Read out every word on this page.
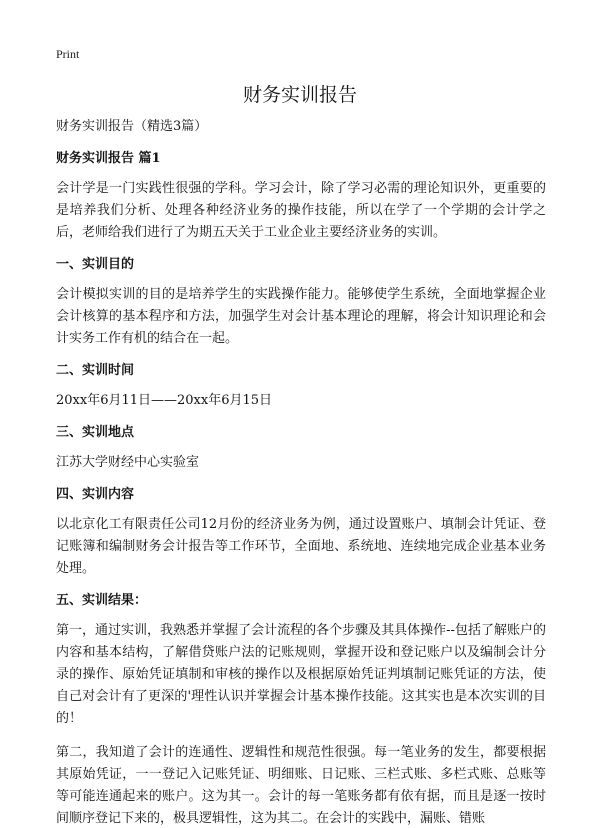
Print
财务实训报告
财务实训报告（精选3篇）
财务实训报告 篇1
会计学是一门实践性很强的学科。学习会计，除了学习必需的理论知识外，更重要的是培养我们分析、处理各种经济业务的操作技能，所以在学了一个学期的会计学之后，老师给我们进行了为期五天关于工业企业主要经济业务的实训。
一、实训目的
会计模拟实训的目的是培养学生的实践操作能力。能够使学生系统，全面地掌握企业会计核算的基本程序和方法，加强学生对会计基本理论的理解，将会计知识理论和会计实务工作有机的结合在一起。
二、实训时间
20xx年6月11日——20xx年6月15日
三、实训地点
江苏大学财经中心实验室
四、实训内容
以北京化工有限责任公司12月份的经济业务为例，通过设置账户、填制会计凭证、登记账簿和编制财务会计报告等工作环节，全面地、系统地、连续地完成企业基本业务处理。
五、实训结果：
第一，通过实训，我熟悉并掌握了会计流程的各个步骤及其具体操作--包括了解账户的内容和基本结构，了解借贷账户法的记账规则，掌握开设和登记账户以及编制会计分录的操作、原始凭证填制和审核的操作以及根据原始凭证判填制记账凭证的方法，使自己对会计有了更深的'理性认识并掌握会计基本操作技能。这其实也是本次实训的目的！
第二，我知道了会计的连通性、逻辑性和规范性很强。每一笔业务的发生，都要根据其原始凭证，一一登记入记账凭证、明细账、日记账、三栏式账、多栏式账、总账等等可能连通起来的账户。这为其一。会计的每一笔账务都有依有据，而且是逐一按时间顺序登记下来的，极具逻辑性，这为其二。在会计的实践中，漏账、错账
